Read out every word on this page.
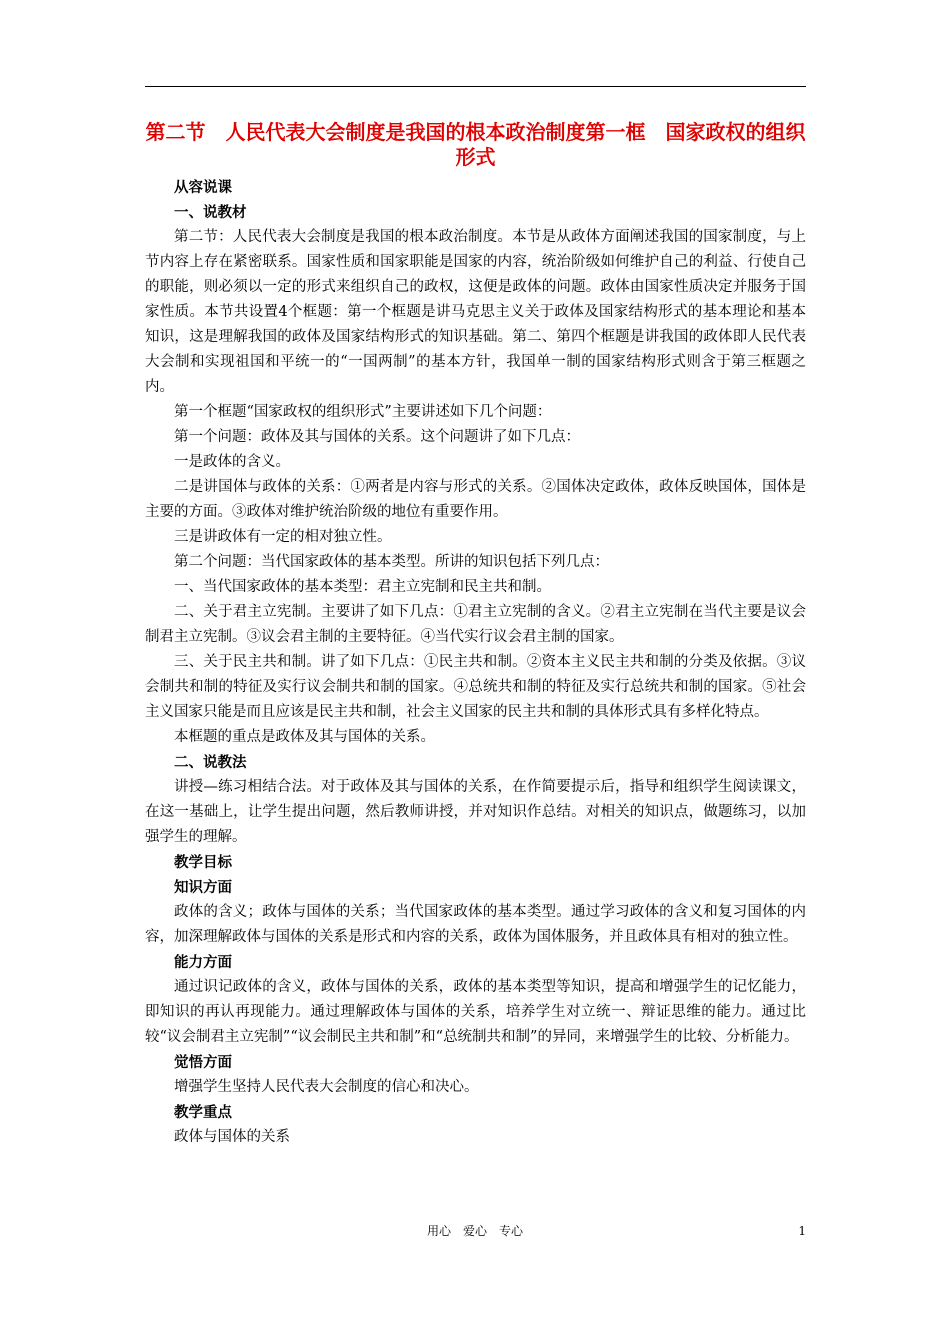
第二节　人民代表大会制度是我国的根本政治制度第一框　国家政权的组织形式
从容说课
一、说教材
第二节：人民代表大会制度是我国的根本政治制度。本节是从政体方面阐述我国的国家制度，与上节内容上存在紧密联系。国家性质和国家职能是国家的内容，统治阶级如何维护自己的利益、行使自己的职能，则必须以一定的形式来组织自己的政权，这便是政体的问题。政体由国家性质决定并服务于国家性质。本节共设置4个框题：第一个框题是讲马克思主义关于政体及国家结构形式的基本理论和基本知识，这是理解我国的政体及国家结构形式的知识基础。第二、第四个框题是讲我国的政体即人民代表大会制和实现祖国和平统一的“一国两制”的基本方针，我国单一制的国家结构形式则含于第三框题之内。
第一个框题“国家政权的组织形式”主要讲述如下几个问题：
第一个问题：政体及其与国体的关系。这个问题讲了如下几点：
一是政体的含义。
二是讲国体与政体的关系：①两者是内容与形式的关系。②国体决定政体，政体反映国体，国体是主要的方面。③政体对维护统治阶级的地位有重要作用。
三是讲政体有一定的相对独立性。
第二个问题：当代国家政体的基本类型。所讲的知识包括下列几点：
一、当代国家政体的基本类型：君主立宪制和民主共和制。
二、关于君主立宪制。主要讲了如下几点：①君主立宪制的含义。②君主立宪制在当代主要是议会制君主立宪制。③议会君主制的主要特征。④当代实行议会君主制的国家。
三、关于民主共和制。讲了如下几点：①民主共和制。②资本主义民主共和制的分类及依据。③议会制共和制的特征及实行议会制共和制的国家。④总统共和制的特征及实行总统共和制的国家。⑤社会主义国家只能是而且应该是民主共和制，社会主义国家的民主共和制的具体形式具有多样化特点。
本框题的重点是政体及其与国体的关系。
二、说教法
讲授—练习相结合法。对于政体及其与国体的关系，在作简要提示后，指导和组织学生阅读课文，在这一基础上，让学生提出问题，然后教师讲授，并对知识作总结。对相关的知识点，做题练习，以加强学生的理解。
教学目标
知识方面
政体的含义；政体与国体的关系；当代国家政体的基本类型。通过学习政体的含义和复习国体的内容，加深理解政体与国体的关系是形式和内容的关系，政体为国体服务，并且政体具有相对的独立性。
能力方面
通过识记政体的含义，政体与国体的关系，政体的基本类型等知识，提高和增强学生的记忆能力，即知识的再认再现能力。通过理解政体与国体的关系，培养学生对立统一、辩证思维的能力。通过比较“议会制君主立宪制”“议会制民主共和制”和“总统制共和制”的异同，来增强学生的比较、分析能力。
觉悟方面
增强学生坚持人民代表大会制度的信心和决心。
教学重点
政体与国体的关系
用心　爱心　专心	1
